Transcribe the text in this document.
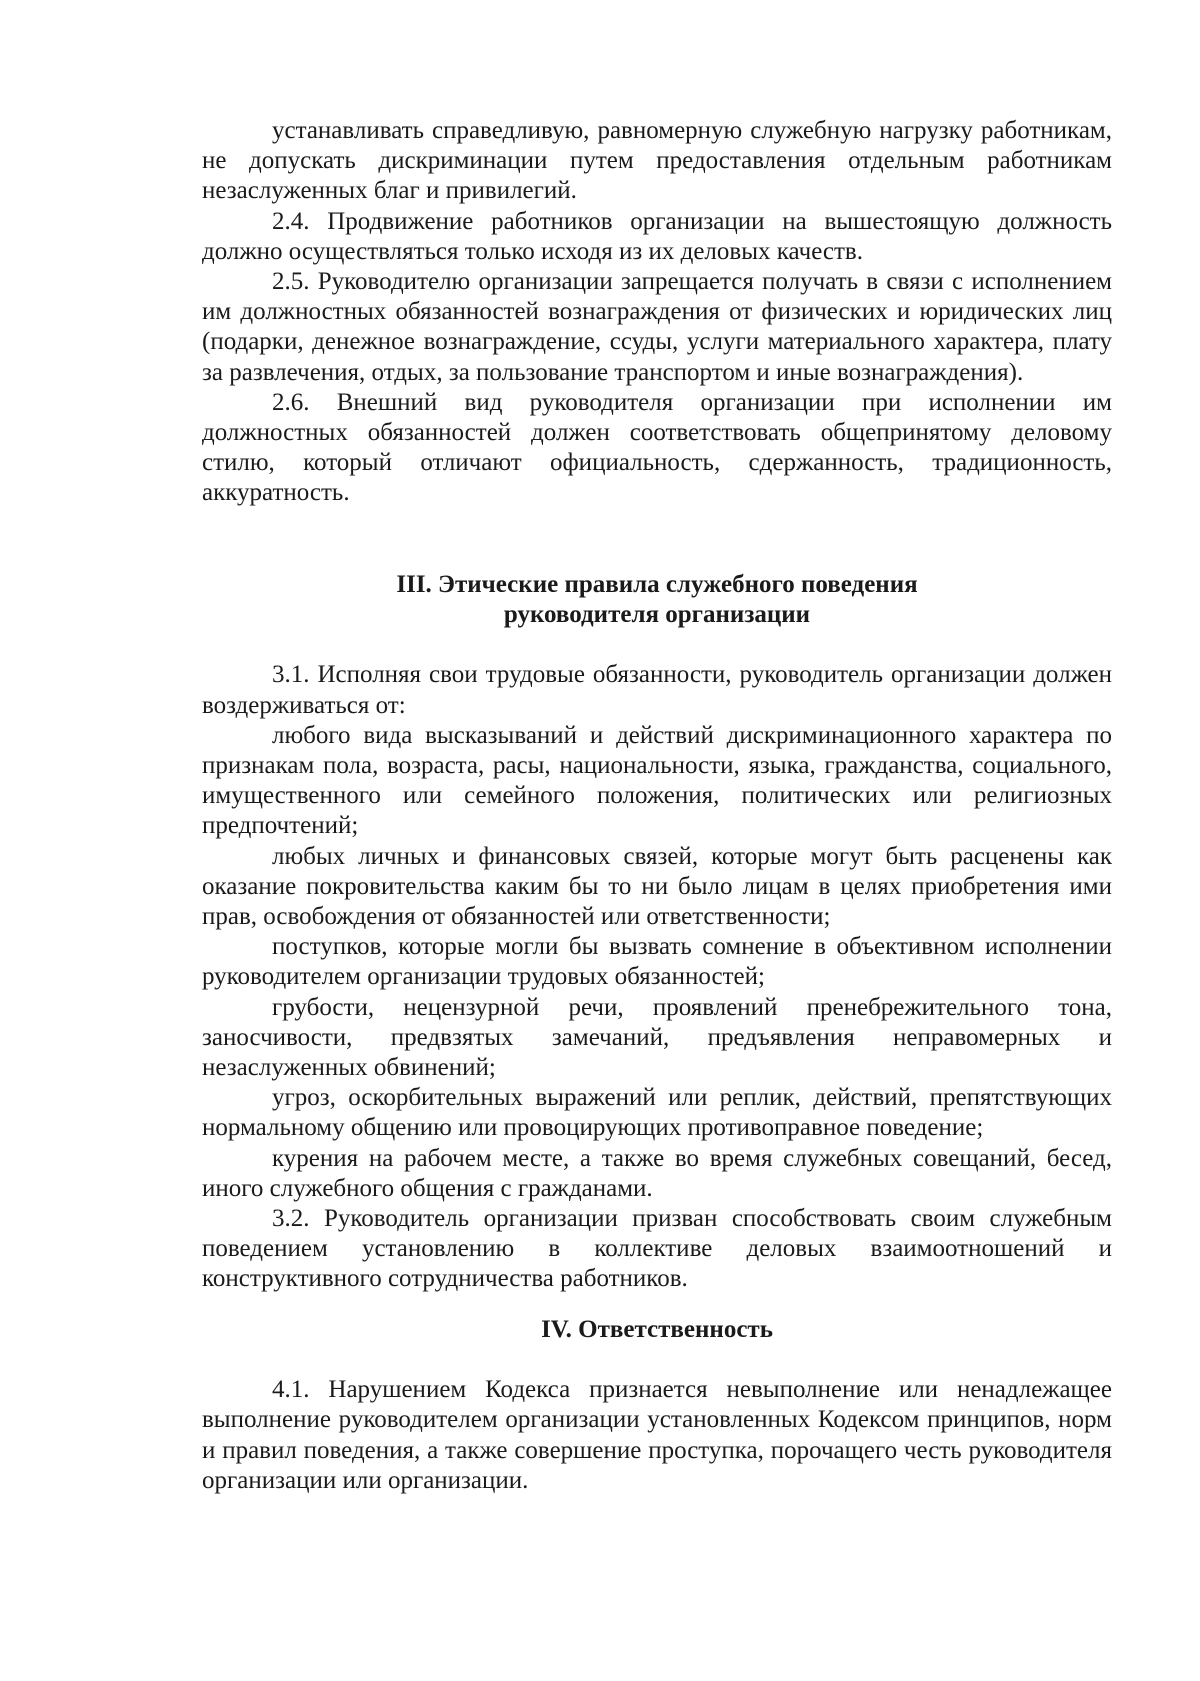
устанавливать справедливую, равномерную служебную нагрузку работникам, не допускать дискриминации путем предоставления отдельным работникам незаслуженных благ и привилегий.

2.4. Продвижение работников организации на вышестоящую должность должно осуществляться только исходя из их деловых качеств.

2.5. Руководителю организации запрещается получать в связи с исполнением им должностных обязанностей вознаграждения от физических и юридических лиц (подарки, денежное вознаграждение, ссуды, услуги материального характера, плату за развлечения, отдых, за пользование транспортом и иные вознаграждения).

2.6. Внешний вид руководителя организации при исполнении им должностных обязанностей должен соответствовать общепринятому деловому стилю, который отличают официальность, сдержанность, традиционность, аккуратность.

III. Этические правила служебного поведения
руководителя организации

3.1. Исполняя свои трудовые обязанности, руководитель организации должен воздерживаться от:

любого вида высказываний и действий дискриминационного характера по признакам пола, возраста, расы, национальности, языка, гражданства, социального, имущественного или семейного положения, политических или религиозных предпочтений;

любых личных и финансовых связей, которые могут быть расценены как оказание покровительства каким бы то ни было лицам в целях приобретения ими прав, освобождения от обязанностей или ответственности;

поступков, которые могли бы вызвать сомнение в объективном исполнении руководителем организации трудовых обязанностей;

грубости, нецензурной речи, проявлений пренебрежительного тона, заносчивости, предвзятых замечаний, предъявления неправомерных и незаслуженных обвинений;

угроз, оскорбительных выражений или реплик, действий, препятствующих нормальному общению или провоцирующих противоправное поведение;

курения на рабочем месте, а также во время служебных совещаний, бесед, иного служебного общения с гражданами.

3.2. Руководитель организации призван способствовать своим служебным поведением установлению в коллективе деловых взаимоотношений и конструктивного сотрудничества работников.

IV. Ответственность

4.1. Нарушением Кодекса признается невыполнение или ненадлежащее выполнение руководителем организации установленных Кодексом принципов, норм и правил поведения, а также совершение проступка, порочащего честь руководителя организации или организации.
